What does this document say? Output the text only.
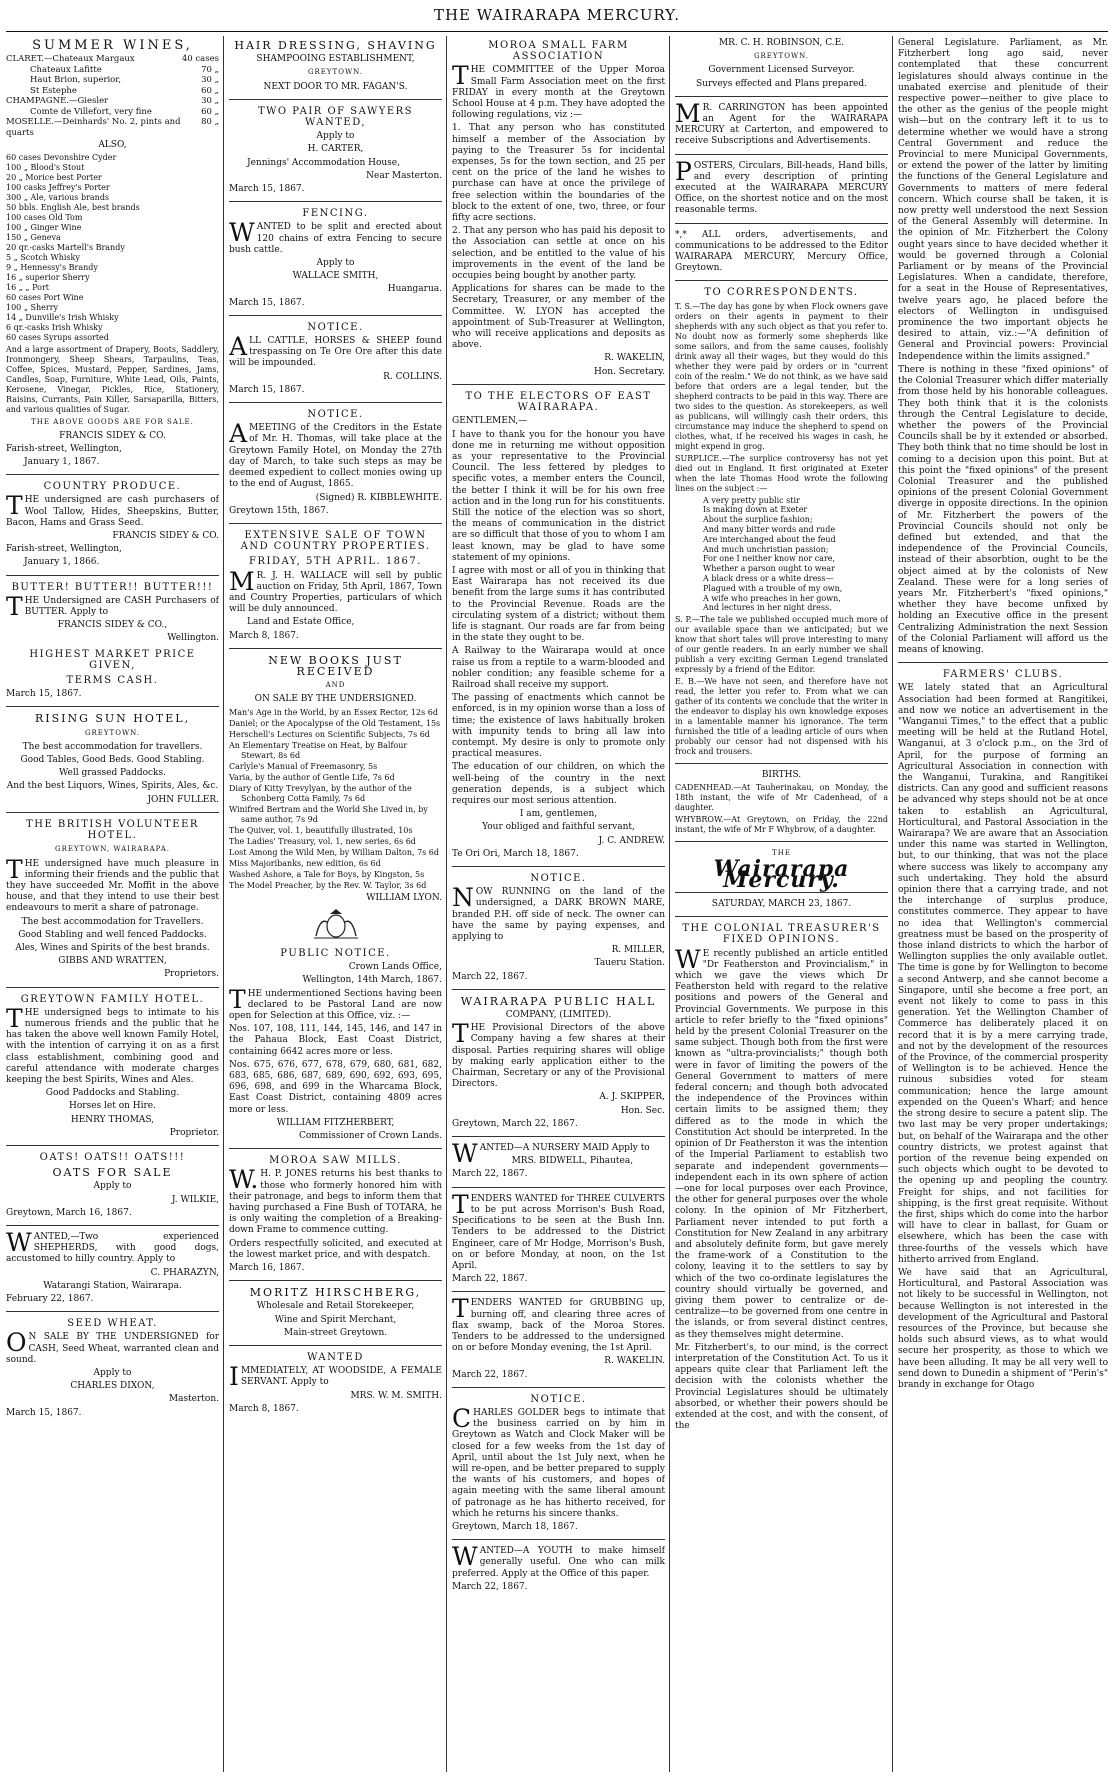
THE WAIRARAPA MERCURY.
SUMMER WINES,
CLARET.—Chateaux Margaux	40 cases
Chateaux Lafitte	70 „
Haut Brion, superior,	30 „
St Estephe	60 „
CHAMPAGNE.—Giesler	30 „
Comte de Villefort, very fine	60 „
MOSELLE.—Deinhards' No. 2, pints and quarts	80 „
ALSO,
60 cases Devonshire Cyder
100 „ Blood's Stout
20 „ Morice best Porter
100 casks Jeffrey's Porter
300 „ Ale, various brands
50 bbls. English Ale, best brands
100 cases Old Tom
100 „ Ginger Wine
150 „ Geneva
20 qr.-casks Martell's Brandy
5 „ Scotch Whisky
9 „ Hennessy's Brandy
16 „ superior Sherry
16 „ „ Port
60 cases Port Wine
100 „ Sherry
14 „ Dunville's Irish Whisky
6 qr.-casks Irish Whisky
60 cases Syrups assorted
And a large assortment of Drapery, Boots, Saddlery, Ironmongery, Sheep Shears, Tarpaulins, Teas, Coffee, Spices, Mustard, Pepper, Sardines, Jams, Candles, Soap, Furniture, White Lead, Oils, Paints, Kerosene, Vinegar, Pickles, Rice, Stationery, Raisins, Currants, Pain Killer, Sarsaparilla, Bitters, and various qualities of Sugar.
THE ABOVE GOODS ARE FOR SALE.
FRANCIS SIDEY & CO.
Farish-street, Wellington,
January 1, 1867.
COUNTRY PRODUCE.
THE undersigned are cash purchasers of Wool Tallow, Hides, Sheepskins, Butter, Bacon, Hams and Grass Seed.
FRANCIS SIDEY & CO.
Farish-street, Wellington,
January 1, 1866.
BUTTER! BUTTER!! BUTTER!!!
THE Undersigned are CASH Purchasers of BUTTER. Apply to
FRANCIS SIDEY & CO.,
Wellington.
HIGHEST MARKET PRICE GIVEN,
TERMS CASH.
March 15, 1867.
RISING SUN HOTEL,
GREYTOWN.
The best accommodation for travellers.
Good Tables, Good Beds. Good Stabling.
Well grassed Paddocks.
And the best Liquors, Wines, Spirits, Ales, &c.
JOHN FULLER.
THE BRITISH VOLUNTEER HOTEL.
GREYTOWN, WAIRARAPA.
THE undersigned have much pleasure in informing their friends and the public that they have succeeded Mr. Moffit in the above house, and that they intend to use their best endeavours to merit a share of patronage.
The best accommodation for Travellers.
Good Stabling and well fenced Paddocks.
Ales, Wines and Spirits of the best brands.
GIBBS AND WRATTEN,
Proprietors.
GREYTOWN FAMILY HOTEL.
THE undersigned begs to intimate to his numerous friends and the public that he has taken the above well known Family Hotel, with the intention of carrying it on as a first class establishment, combining good and careful attendance with moderate charges keeping the best Spirits, Wines and Ales.
Good Paddocks and Stabling.
Horses let on Hire.
HENRY THOMAS,
Proprietor.
OATS! OATS!! OATS!!!
OATS FOR SALE
Apply to
J. WILKIE,
Greytown, March 16, 1867.
WANTED,—Two experienced SHEPHERDS, with good dogs, accustomed to hilly country. Apply to
C. PHARAZYN,
Watarangi Station, Wairarapa.
February 22, 1867.
SEED WHEAT.
ON SALE BY THE UNDERSIGNED for CASH, Seed Wheat, warranted clean and sound.
Apply to
CHARLES DIXON,
Masterton.
March 15, 1867.
HAIR DRESSING, SHAVING
SHAMPOOING ESTABLISHMENT,
GREYTOWN.
NEXT DOOR TO MR. FAGAN'S.
TWO PAIR OF SAWYERS WANTED,
Apply to
H. CARTER,
Jennings' Accommodation House,
Near Masterton.
March 15, 1867.
FENCING.
WANTED to be split and erected about 120 chains of extra Fencing to secure bush cattle.
Apply to
WALLACE SMITH,
Huangarua.
March 15, 1867.
NOTICE.
ALL CATTLE, HORSES & SHEEP found trespassing on Te Ore Ore after this date will be impounded.
R. COLLINS.
March 15, 1867.
NOTICE.
AMEETING of the Creditors in the Estate of Mr. H. Thomas, will take place at the Greytown Family Hotel, on Monday the 27th day of March, to take such steps as may be deemed expedient to collect monies owing up to the end of August, 1865.
(Signed) R. KIBBLEWHITE.
Greytown 15th, 1867.
EXTENSIVE SALE OF TOWN AND COUNTRY PROPERTIES.
FRIDAY, 5TH APRIL. 1867.
MR. J. H. WALLACE will sell by public auction on Friday, 5th April, 1867, Town and Country Properties, particulars of which will be duly announced.
Land and Estate Office,
March 8, 1867.
NEW BOOKS JUST RECEIVED
AND
ON SALE BY THE UNDERSIGNED.
Man's Age in the World, by an Essex Rector, 12s 6d
Daniel; or the Apocalypse of the Old Testament, 15s
Herschell's Lectures on Scientific Subjects, 7s 6d
An Elementary Treatise on Heat, by Balfour Stewart, 8s 6d
Carlyle's Manual of Freemasonry, 5s
Varia, by the author of Gentle Life, 7s 6d
Diary of Kitty Trevylyan, by the author of the Schonberg Cotta Family, 7s 6d
Winifred Bertram and the World She Lived in, by same author, 7s 9d
The Quiver, vol. 1, beautifully illustrated, 10s
The Ladies' Treasury, vol. 1, new series, 6s 6d
Lost Among the Wild Men, by William Dalton, 7s 6d
Miss Majoribanks, new edition, 6s 6d
Washed Ashore, a Tale for Boys, by Kingston, 5s
The Model Preacher, by the Rev. W. Taylor, 3s 6d
WILLIAM LYON.
PUBLIC NOTICE.
Crown Lands Office,
Wellington, 14th March, 1867.
THE undermentioned Sections having been declared to be Pastoral Land are now open for Selection at this Office, viz. :—
Nos. 107, 108, 111, 144, 145, 146, and 147 in the Pahaua Block, East Coast District, containing 6642 acres more or less.
Nos. 675, 676, 677, 678, 679, 680, 681, 682, 683, 685, 686, 687, 689, 690, 692, 693, 695, 696, 698, and 699 in the Wharcama Block, East Coast District, containing 4809 acres more or less.
WILLIAM FITZHERBERT,
Commissioner of Crown Lands.
MOROA SAW MILLS.
W.H. P. JONES returns his best thanks to those who formerly honored him with their patronage, and begs to inform them that having purchased a Fine Bush of TOTARA, he is only waiting the completion of a Breaking-down Frame to commence cutting.
Orders respectfully solicited, and executed at the lowest market price, and with despatch.
March 16, 1867.
MORITZ HIRSCHBERG,
Wholesale and Retail Storekeeper,
Wine and Spirit Merchant,
Main-street Greytown.
WANTED
IMMEDIATELY, AT WOODSIDE, A FEMALE SERVANT. Apply to
MRS. W. M. SMITH.
March 8, 1867.
MOROA SMALL FARM ASSOCIATION
THE COMMITTEE of the Upper Moroa Small Farm Association meet on the first FRIDAY in every month at the Greytown School House at 4 p.m. They have adopted the following regulations, viz :—
1. That any person who has constituted himself a member of the Association by paying to the Treasurer 5s for incidental expenses, 5s for the town section, and 25 per cent on the price of the land he wishes to purchase can have at once the privilege of free selection within the boundaries of the block to the extent of one, two, three, or four fifty acre sections.
2. That any person who has paid his deposit to the Association can settle at once on his selection, and be entitled to the value of his improvements in the event of the land be occupies being bought by another party.
Applications for shares can be made to the Secretary, Treasurer, or any member of the Committee. W. LYON has accepted the appointment of Sub-Treasurer at Wellington, who will receive applications and deposits as above.
R. WAKELIN,
Hon. Secretary.
TO THE ELECTORS OF EAST WAIRARAPA.
GENTLEMEN,—
I have to thank you for the honour you have done me in returning me without opposition as your representative to the Provincial Council. The less fettered by pledges to specific votes, a member enters the Council, the better I think it will be for his own free action and in the long run for his constituents. Still the notice of the election was so short, the means of communication in the district are so difficult that those of you to whom I am least known, may be glad to have some statement of my opinions.
I agree with most or all of you in thinking that East Wairarapa has not received its due benefit from the large sums it has contributed to the Provincial Revenue. Roads are the circulating system of a district; without them life is stagnant. Our roads are far from being in the state they ought to be.
A Railway to the Wairarapa would at once raise us from a reptile to a warm-blooded and nobler condition; any feasible scheme for a Railroad shall receive my support.
The passing of enactments which cannot be enforced, is in my opinion worse than a loss of time; the existence of laws habitually broken with impunity tends to bring all law into contempt. My desire is only to promote only practical measures.
The education of our children, on which the well-being of the country in the next generation depends, is a subject which requires our most serious attention.
I am, gentlemen,
Your obliged and faithful servant,
J. C. ANDREW.
Te Ori Ori, March 18, 1867.
NOTICE.
NOW RUNNING on the land of the undersigned, a DARK BROWN MARE, branded P.H. off side of neck. The owner can have the same by paying expenses, and applying to
R. MILLER,
Taueru Station.
March 22, 1867.
WAIRARAPA PUBLIC HALL
COMPANY, (LIMITED).
THE Provisional Directors of the above Company having a few shares at their disposal. Parties requiring shares will oblige by making early application either to the Chairman, Secretary or any of the Provisional Directors.
A. J. SKIPPER,
Hon. Sec.
Greytown, March 22, 1867.
WANTED—A NURSERY MAID Apply to
MRS. BIDWELL, Pihautea,
March 22, 1867.
TENDERS WANTED for THREE CULVERTS to be put across Morrison's Bush Road, Specifications to be seen at the Bush Inn. Tenders to be addressed to the District Engineer, care of Mr Hodge, Morrison's Bush, on or before Monday, at noon, on the 1st April.
March 22, 1867.
TENDERS WANTED for GRUBBING up, burning off, and clearing three acres of flax swamp, back of the Moroa Stores. Tenders to be addressed to the undersigned on or before Monday evening, the 1st April.
R. WAKELIN.
March 22, 1867.
NOTICE.
CHARLES GOLDER begs to intimate that the business carried on by him in Greytown as Watch and Clock Maker will be closed for a few weeks from the 1st day of April, until about the 1st July next, when he will re-open, and be better prepared to supply the wants of his customers, and hopes of again meeting with the same liberal amount of patronage as he has hitherto received, for which he returns his sincere thanks.
Greytown, March 18, 1867.
WANTED—A YOUTH to make himself generally useful. One who can milk preferred. Apply at the Office of this paper.
March 22, 1867.
MR. C. H. ROBINSON, C.E.
GREYTOWN.
Government Licensed Surveyor.
Surveys effected and Plans prepared.
MR. CARRINGTON has been appointed an Agent for the WAIRARAPA MERCURY at Carterton, and empowered to receive Subscriptions and Advertisements.
POSTERS, Circulars, Bill-heads, Hand bills, and every description of printing executed at the WAIRARAPA MERCURY Office, on the shortest notice and on the most reasonable terms.
*,* ALL orders, advertisements, and communications to be addressed to the Editor WAIRARAPA MERCURY, Mercury Office, Greytown.
TO CORRESPONDENTS.
T. S.—The day has gone by when Flock owners gave orders on their agents in payment to their shepherds with any such object as that you refer to. No doubt now as formerly some shepherds like some sailors, and from the same causes, foolishly drink away all their wages, but they would do this whether they were paid by orders or in "current coin of the realm." We do not think, as we have said before that orders are a legal tender, but the shepherd contracts to be paid in this way. There are two sides to the question. As storekeepers, as well as publicans, will willingly cash their orders, this circumstance may induce the shepherd to spend on clothes, what, if he received his wages in cash, he might expend in grog.
SURPLICE.—The surplice controversy has not yet died out in England. It first originated at Exeter when the late Thomas Hood wrote the following lines on the subject :—
A very pretty public stir
Is making down at Exeter
About the surplice fashion;
And many bitter words and rude
Are interchanged about the feud
And much unchristian passion;
For one I neither know nor care,
Whether a parson ought to wear
A black dress or a white dress—
Plagued with a trouble of my own,
A wife who preaches in her gown,
And lectures in her night dress.
S. P.—The tale we published occupied much more of our available space than we anticipated; but we know that short tales will prove interesting to many of our gentle readers. In an early number we shall publish a very exciting German Legend translated expressly by a friend of the Editor.
E. B.—We have not seen, and therefore have not read, the letter you refer to. From what we can gather of its contents we conclude that the writer in the endeavor to display his own knowledge exposes in a lamentable manner his ignorance. The term furnished the title of a leading article of ours when probably our censor had not dispensed with his frock and trousers.
BIRTHS.
CADENHEAD.—At Tauherinakau, on Monday, the 18th instant, the wife of Mr Cadenhead, of a daughter.
WHYBROW.—At Greytown, on Friday, the 22nd instant, the wife of Mr F Whybrow, of a daughter.
THE
Wairarapa Mercury.
SATURDAY, MARCH 23, 1867.
THE COLONIAL TREASURER'S FIXED OPINIONS.
WE recently published an article entitled "Dr Featherston and Provincialism," in which we gave the views which Dr Featherston held with regard to the relative positions and powers of the General and Provincial Governments. We purpose in this article to refer briefly to the "fixed opinions" held by the present Colonial Treasurer on the same subject. Though both from the first were known as "ultra-provincialists;" though both were in favor of limiting the powers of the General Government to matters of mere federal concern; and though both advocated the independence of the Provinces within certain limits to be assigned them; they differed as to the mode in which the Constitution Act should be interpreted. In the opinion of Dr Featherston it was the intention of the Imperial Parliament to establish two separate and independent governments—independent each in its own sphere of action—one for local purposes over each Province, the other for general purposes over the whole colony. In the opinion of Mr Fitzherbert, Parliament never intended to put forth a Constitution for New Zealand in any arbitrary and absolutely definite form, but gave merely the frame-work of a Constitution to the colony, leaving it to the settlers to say by which of the two co-ordinate legislatures the country should virtually be governed, and giving them power to centralize or de-centralize—to be governed from one centre in the islands, or from several distinct centres, as they themselves might determine.
Mr. Fitzherbert's, to our mind, is the correct interpretation of the Constitution Act. To us it appears quite clear that Parliament left the decision with the colonists whether the Provincial Legislatures should be ultimately absorbed, or whether their powers should be extended at the cost, and with the consent, of the
General Legislature. Parliament, as Mr. Fitzherbert long ago said, never contemplated that these concurrent legislatures should always continue in the unabated exercise and plenitude of their respective power—neither to give place to the other as the genius of the people might wish—but on the contrary left it to us to determine whether we would have a strong Central Government and reduce the Provincial to mere Municipal Governments, or extend the power of the latter by limiting the functions of the General Legislature and Governments to matters of mere federal concern. Which course shall be taken, it is now pretty well understood the next Session of the General Assembly will determine. In the opinion of Mr. Fitzherbert the Colony ought years since to have decided whether it would be governed through a Colonial Parliament or by means of the Provincial Legislatures. When a candidate, therefore, for a seat in the House of Representatives, twelve years ago, he placed before the electors of Wellington in undisguised prominence the two important objects he desired to attain, viz.:—"A definition of General and Provincial powers: Provincial Independence within the limits assigned."
There is nothing in these "fixed opinions" of the Colonial Treasurer which differ materially from those held by his honorable colleagues. They both think that it is the colonists through the Central Legislature to decide, whether the powers of the Provincial Councils shall be by it extended or absorbed. They both think that no time should be lost in coming to a decision upon this point. But at this point the "fixed opinions" of the present Colonial Treasurer and the published opinions of the present Colonial Government diverge in opposite directions. In the opinion of Mr. Fitzherbert the powers of the Provincial Councils should not only be defined but extended, and that the independence of the Provincial Councils, instead of their absorbtion, ought to be the object aimed at by the colonists of New Zealand. These were for a long series of years Mr. Fitzherbert's "fixed opinions," whether they have become unfixed by holding an Executive office in the present Centralizing Administration the next Session of the Colonial Parliament will afford us the means of knowing.
FARMERS' CLUBS.
WE lately stated that an Agricultural Association had been formed at Rangitikei, and now we notice an advertisement in the "Wanganui Times," to the effect that a public meeting will be held at the Rutland Hotel, Wanganui, at 3 o'clock p.m., on the 3rd of April, for the purpose of forming an Agricultural Association in connection with the Wanganui, Turakina, and Rangitikei districts. Can any good and sufficient reasons be advanced why steps should not be at once taken to establish an Agricultural, Horticultural, and Pastoral Association in the Wairarapa? We are aware that an Association under this name was started in Wellington, but, to our thinking, that was not the place where success was likely to accompany any such undertaking. They hold the absurd opinion there that a carrying trade, and not the interchange of surplus produce, constitutes commerce. They appear to have no idea that Wellington's commercial greatness must be based on the prosperity of those inland districts to which the harbor of Wellington supplies the only available outlet. The time is gone by for Wellington to become a second Antwerp, and she cannot become a Singapore, until she become a free port, an event not likely to come to pass in this generation. Yet the Wellington Chamber of Commerce has deliberately placed it on record that it is by a mere carrying trade, and not by the development of the resources of the Province, of the commercial prosperity of Wellington is to be achieved. Hence the ruinous subsidies voted for steam communication; hence the large amount expended on the Queen's Wharf; and hence the strong desire to secure a patent slip. The two last may be very proper undertakings; but, on behalf of the Wairarapa and the other country districts, we protest against that portion of the revenue being expended on such objects which ought to be devoted to the opening up and peopling the country. Freight for ships, and not facilities for shipping, is the first great requisite. Without the first, ships which do come into the harbor will have to clear in ballast, for Guam or elsewhere, which has been the case with three-fourths of the vessels which have hitherto arrived from England.
We have said that an Agricultural, Horticultural, and Pastoral Association was not likely to be successful in Wellington, not because Wellington is not interested in the development of the Agricultural and Pastoral resources of the Province, but because she holds such absurd views, as to what would secure her prosperity, as those to which we have been alluding. It may be all very well to send down to Dunedin a shipment of "Perin's" brandy in exchange for Otago
